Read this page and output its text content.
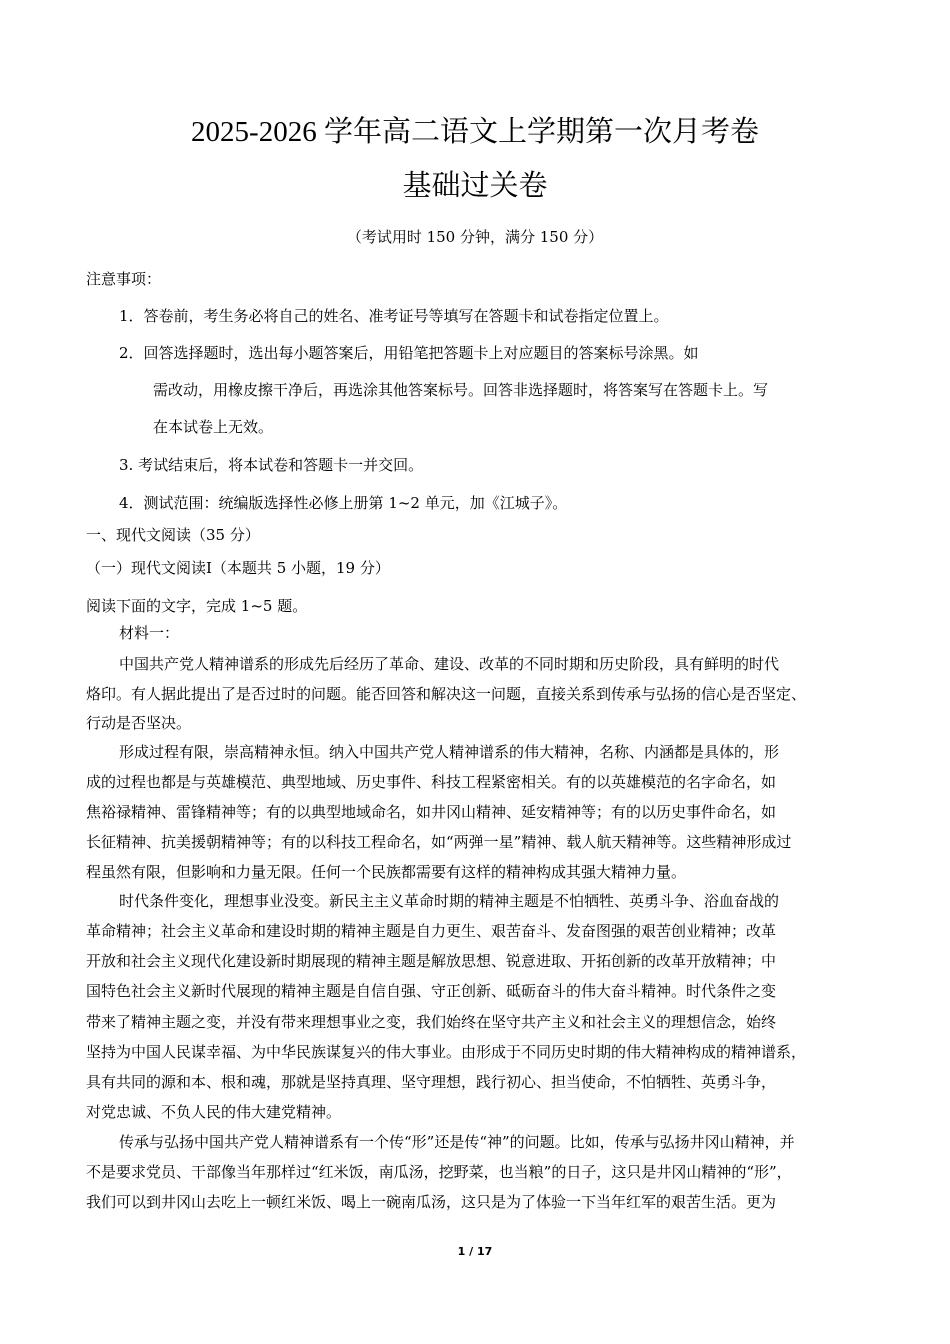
2025-2026 学年高二语文上学期第一次月考卷
基础过关卷
（考试用时 150 分钟，满分 150 分）

注意事项：

1．答卷前，考生务必将自己的姓名、准考证号等填写在答题卡和试卷指定位置上。

2．回答选择题时，选出每小题答案后，用铅笔把答题卡上对应题目的答案标号涂黑。如

需改动，用橡皮擦干净后，再选涂其他答案标号。回答非选择题时，将答案写在答题卡上。写

在本试卷上无效。

3. 考试结束后，将本试卷和答题卡一并交回。

4．测试范围：统编版选择性必修上册第 1~2 单元，加《江城子》。

一、现代文阅读（35 分）

（一）现代文阅读Ⅰ（本题共 5 小题，19 分）

阅读下面的文字，完成 1~5 题。

材料一：

中国共产党人精神谱系的形成先后经历了革命、建设、改革的不同时期和历史阶段，具有鲜明的时代

烙印。有人据此提出了是否过时的问题。能否回答和解决这一问题，直接关系到传承与弘扬的信心是否坚定、

行动是否坚决。

形成过程有限，崇高精神永恒。纳入中国共产党人精神谱系的伟大精神，名称、内涵都是具体的，形

成的过程也都是与英雄模范、典型地域、历史事件、科技工程紧密相关。有的以英雄模范的名字命名，如

焦裕禄精神、雷锋精神等；有的以典型地域命名，如井冈山精神、延安精神等；有的以历史事件命名，如

长征精神、抗美援朝精神等；有的以科技工程命名，如“两弹一星”精神、载人航天精神等。这些精神形成过

程虽然有限，但影响和力量无限。任何一个民族都需要有这样的精神构成其强大精神力量。

时代条件变化，理想事业没变。新民主主义革命时期的精神主题是不怕牺牲、英勇斗争、浴血奋战的

革命精神；社会主义革命和建设时期的精神主题是自力更生、艰苦奋斗、发奋图强的艰苦创业精神；改革

开放和社会主义现代化建设新时期展现的精神主题是解放思想、锐意进取、开拓创新的改革开放精神；中

国特色社会主义新时代展现的精神主题是自信自强、守正创新、砥砺奋斗的伟大奋斗精神。时代条件之变

带来了精神主题之变，并没有带来理想事业之变，我们始终在坚守共产主义和社会主义的理想信念，始终

坚持为中国人民谋幸福、为中华民族谋复兴的伟大事业。由形成于不同历史时期的伟大精神构成的精神谱系，

具有共同的源和本、根和魂，那就是坚持真理、坚守理想，践行初心、担当使命，不怕牺牲、英勇斗争，

对党忠诚、不负人民的伟大建党精神。

传承与弘扬中国共产党人精神谱系有一个传“形”还是传“神”的问题。比如，传承与弘扬井冈山精神，并

不是要求党员、干部像当年那样过“红米饭，南瓜汤，挖野菜，也当粮”的日子，这只是井冈山精神的“形”，

我们可以到井冈山去吃上一顿红米饭、喝上一碗南瓜汤，这只是为了体验一下当年红军的艰苦生活。更为

1 / 17
